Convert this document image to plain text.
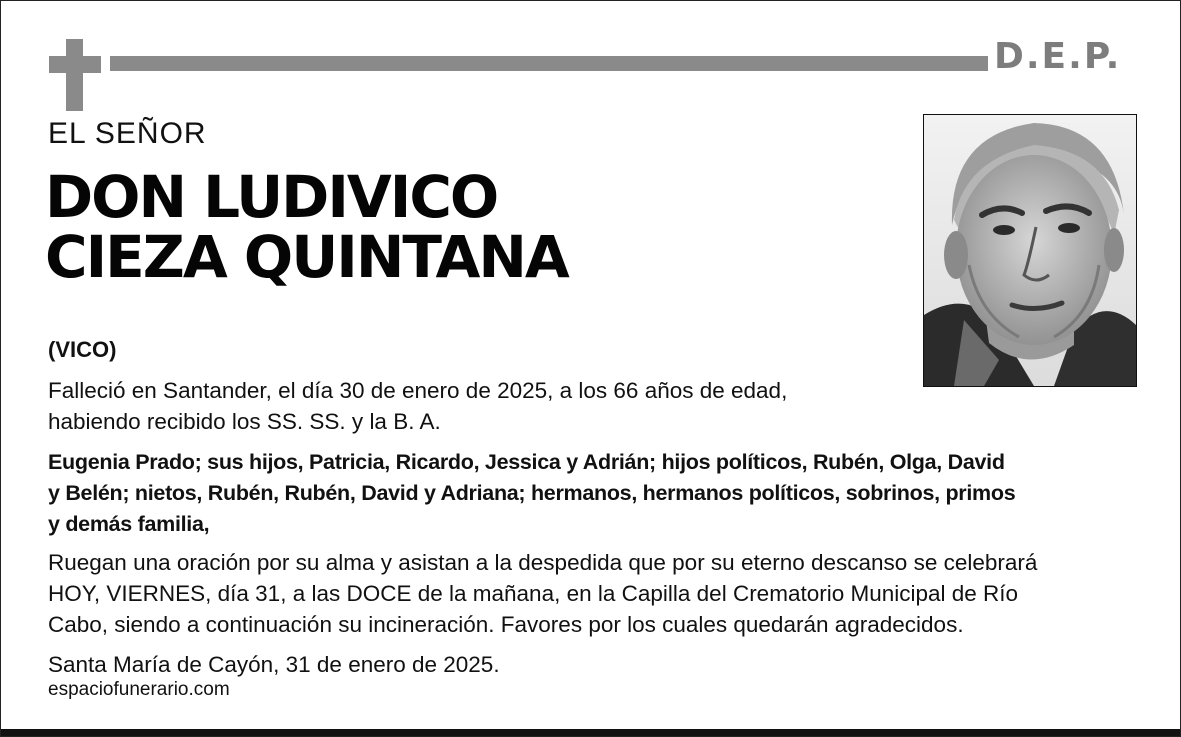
D.E.P.
EL SEÑOR
DON LUDIVICO
CIEZA QUINTANA
(VICO)
Falleció en Santander, el día 30 de enero de 2025, a los 66 años de edad,
habiendo recibido los SS. SS. y la B. A.
Eugenia Prado; sus hijos, Patricia, Ricardo, Jessica y Adrián; hijos políticos, Rubén, Olga, David
y Belén; nietos, Rubén, Rubén, David y Adriana; hermanos, hermanos políticos, sobrinos, primos
y demás familia,
Ruegan una oración por su alma y asistan a la despedida que por su eterno descanso se celebrará
HOY, VIERNES, día 31, a las DOCE de la mañana, en la Capilla del Crematorio Municipal de Río
Cabo, siendo a continuación su incineración. Favores por los cuales quedarán agradecidos.
Santa María de Cayón, 31 de enero de 2025.
espaciofunerario.com
